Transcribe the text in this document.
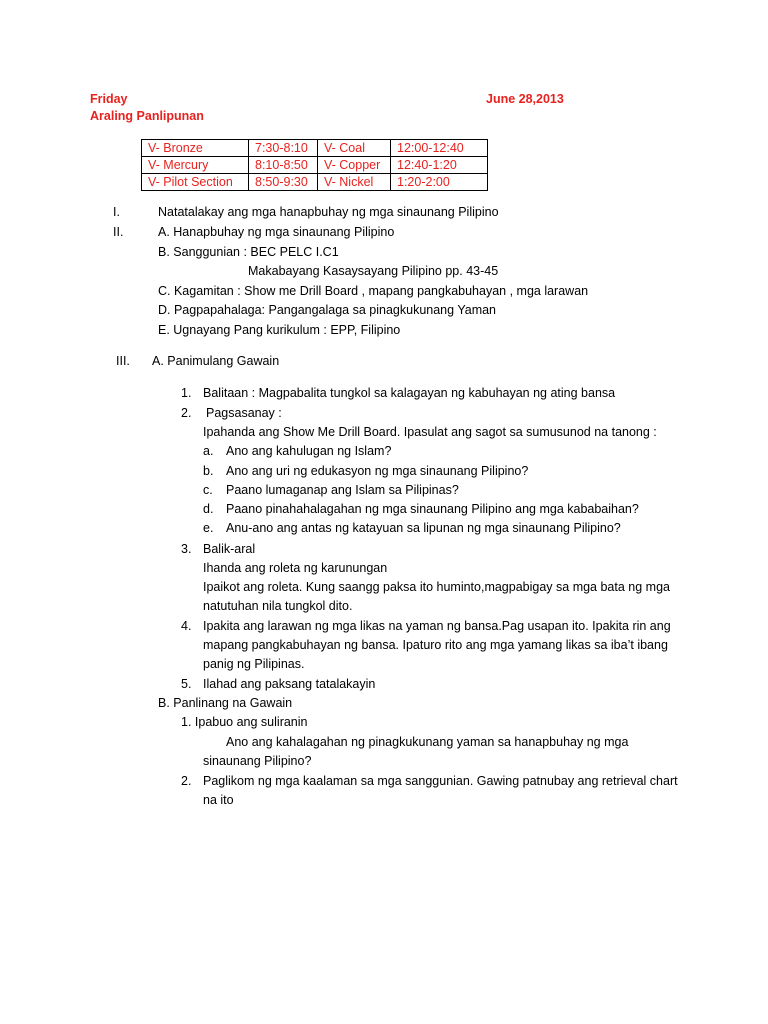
Friday	June 28,2013
Araling Panlipunan
V- Bronze	7:30-8:10	V- Coal	12:00-12:40
V- Mercury	8:10-8:50	V- Copper	12:40-1:20
V- Pilot Section	8:50-9:30	V- Nickel	1:20-2:00
I.	Natatalakay ang mga hanapbuhay ng mga sinaunang Pilipino
II.	A. Hanapbuhay ng mga sinaunang Pilipino
B. Sanggunian : BEC PELC I.C1
Makabayang Kasaysayang Pilipino pp. 43-45
C. Kagamitan : Show me Drill Board , mapang pangkabuhayan , mga larawan
D. Pagpapahalaga: Pangangalaga sa pinagkukunang Yaman
E. Ugnayang Pang kurikulum : EPP, Filipino
III. A. Panimulang Gawain
1. Balitaan : Magpabalita tungkol sa kalagayan ng kabuhayan ng ating bansa
2. Pagsasanay :
Ipahanda ang Show Me Drill Board. Ipasulat ang sagot sa sumusunod na tanong :
a. Ano ang kahulugan ng Islam?
b. Ano ang uri ng edukasyon ng mga sinaunang Pilipino?
c. Paano lumaganap ang Islam sa Pilipinas?
d. Paano pinahahalagahan ng mga sinaunang Pilipino ang mga kababaihan?
e. Anu-ano ang antas ng katayuan sa lipunan ng mga sinaunang Pilipino?
3. Balik-aral
Ihanda ang roleta ng karunungan
Ipaikot ang roleta. Kung saangg paksa ito huminto,magpabigay sa mga bata ng mga
natutuhan nila tungkol dito.
4. Ipakita ang larawan ng mga likas na yaman ng bansa.Pag usapan ito. Ipakita rin ang
mapang pangkabuhayan ng bansa. Ipaturo rito ang mga yamang likas sa iba’t ibang
panig ng Pilipinas.
5. Ilahad ang paksang tatalakayin
B. Panlinang na Gawain
1. Ipabuo ang suliranin
Ano ang kahalagahan ng pinagkukunang yaman sa hanapbuhay ng mga
sinaunang Pilipino?
2. Paglikom ng mga kaalaman sa mga sanggunian. Gawing patnubay ang retrieval chart
na ito
